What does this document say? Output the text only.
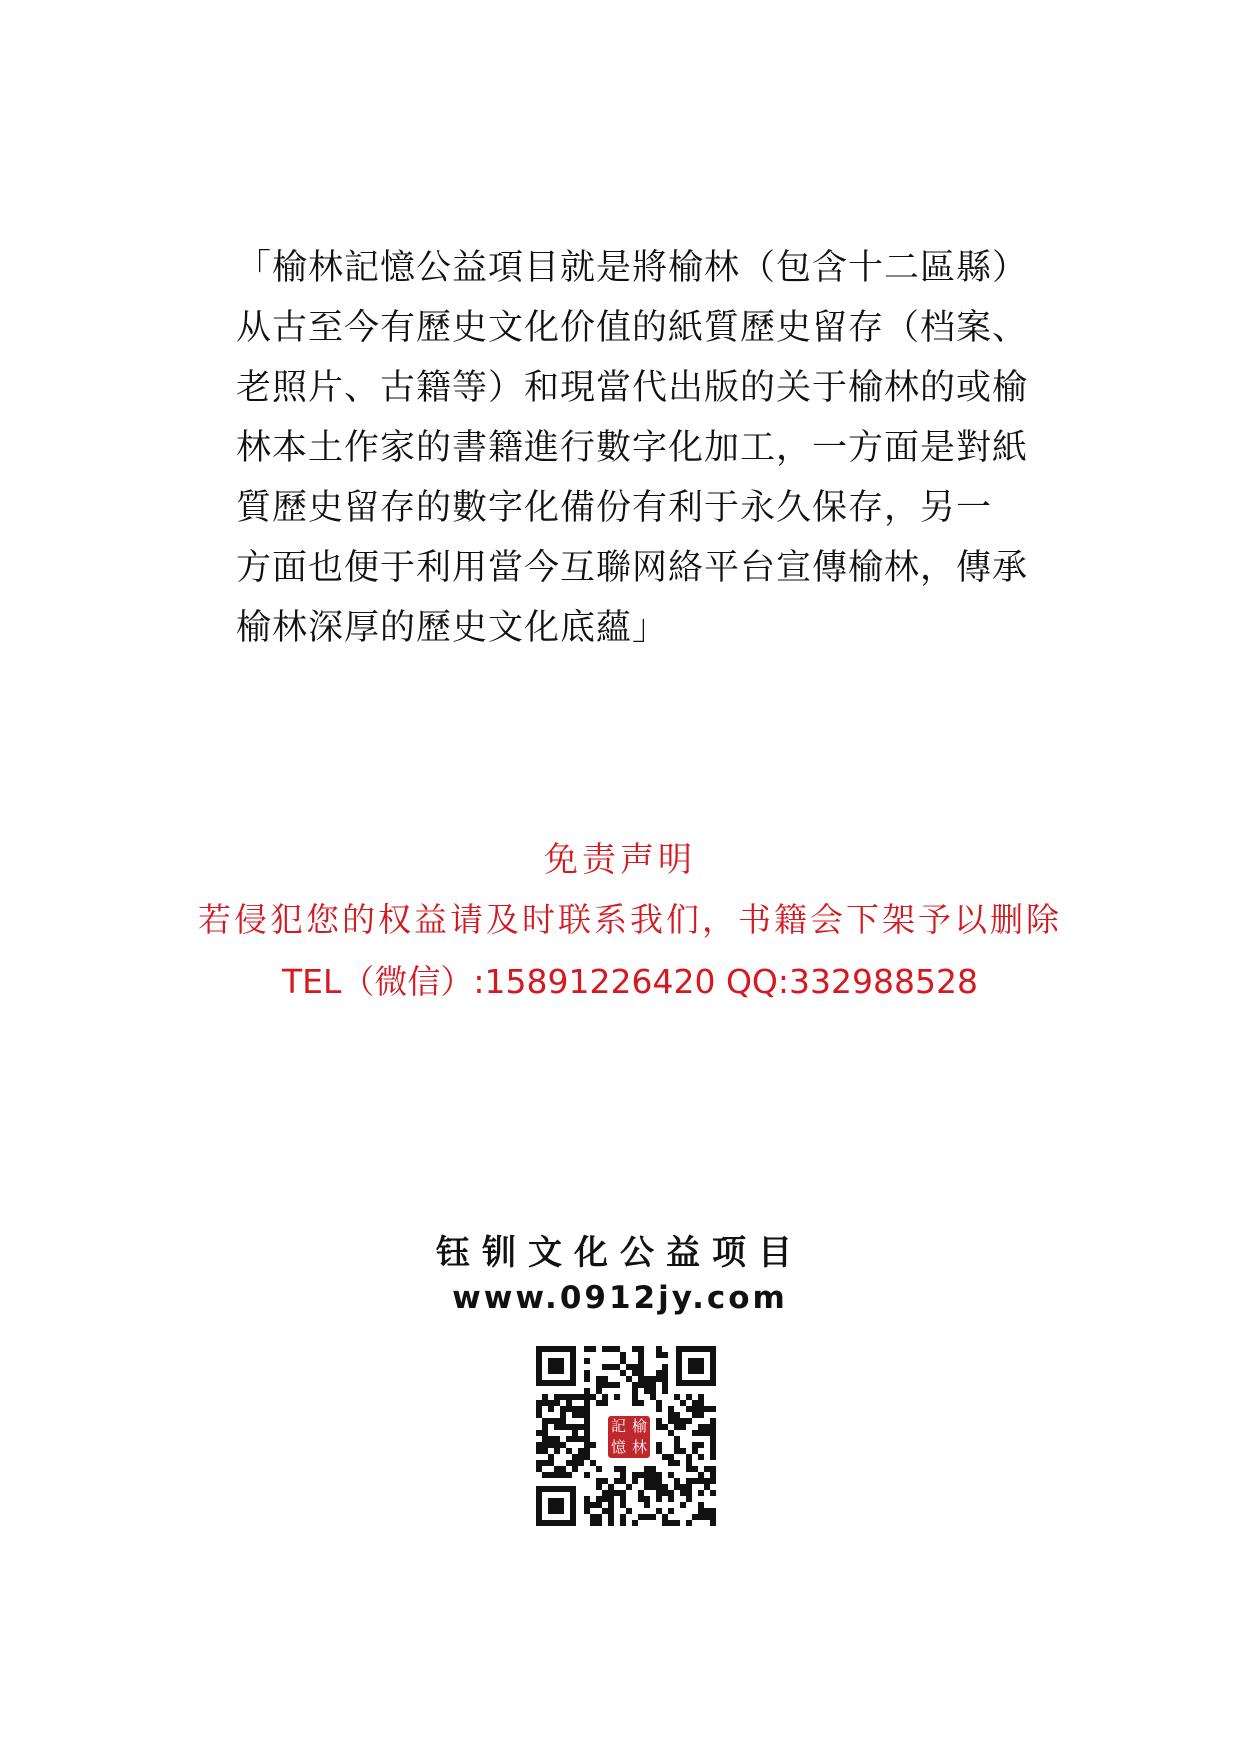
「榆林記憶公益項目就是將榆林（包含十二區縣）
从古至今有歷史文化价值的紙質歷史留存（档案、
老照片、古籍等）和現當代出版的关于榆林的或榆
林本土作家的書籍進行數字化加工，一方面是對紙
質歷史留存的數字化備份有利于永久保存，另一
方面也便于利用當今互聯网絡平台宣傳榆林，傳承
榆林深厚的歷史文化底蘊」
免责声明
若侵犯您的权益请及时联系我们，书籍会下架予以删除
TEL（微信）:15891226420 QQ:332988528
钰钏文化公益项目
www.0912jy.com
記 榆
憶 林
